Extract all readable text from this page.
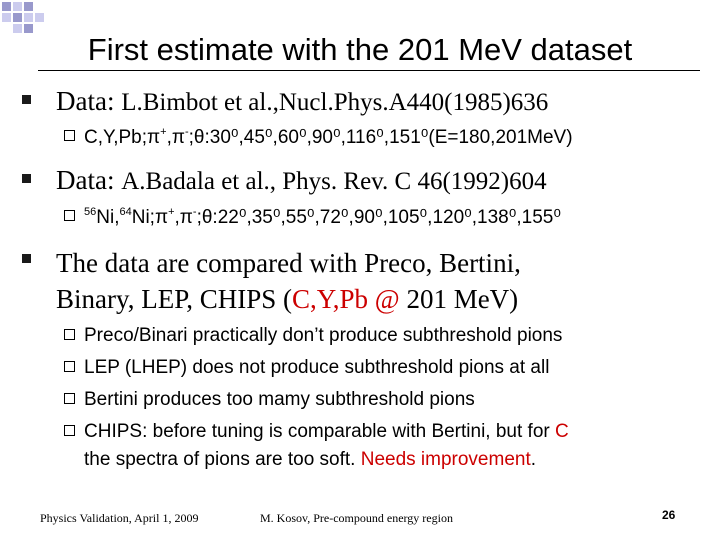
First estimate with the 201 MeV dataset
Data: L.Bimbot et al.,Nucl.Phys.A440(1985)636
C,Y,Pb;π+,π-;θ:30⁰,45⁰,60⁰,90⁰,116⁰,151⁰(E=180,201MeV)
Data: A.Badala et al., Phys. Rev. C 46(1992)604
$^{56}$Ni,$^{64}$Ni;π+,π-;θ:22⁰,35⁰,55⁰,72⁰,90⁰,105⁰,120⁰,138⁰,155⁰
The data are compared with Preco, Bertini,
Binary, LEP, CHIPS (C,Y,Pb @ 201 MeV)
Preco/Binari practically don’t produce subthreshold pions
LEP (LHEP) does not produce subthreshold pions at all
Bertini produces too mamy subthreshold pions
CHIPS: before tuning is comparable with Bertini, but for C
the spectra of pions are too soft. Needs improvement.
Physics Validation, April 1, 2009	M. Kosov, Pre-compound energy region	26
